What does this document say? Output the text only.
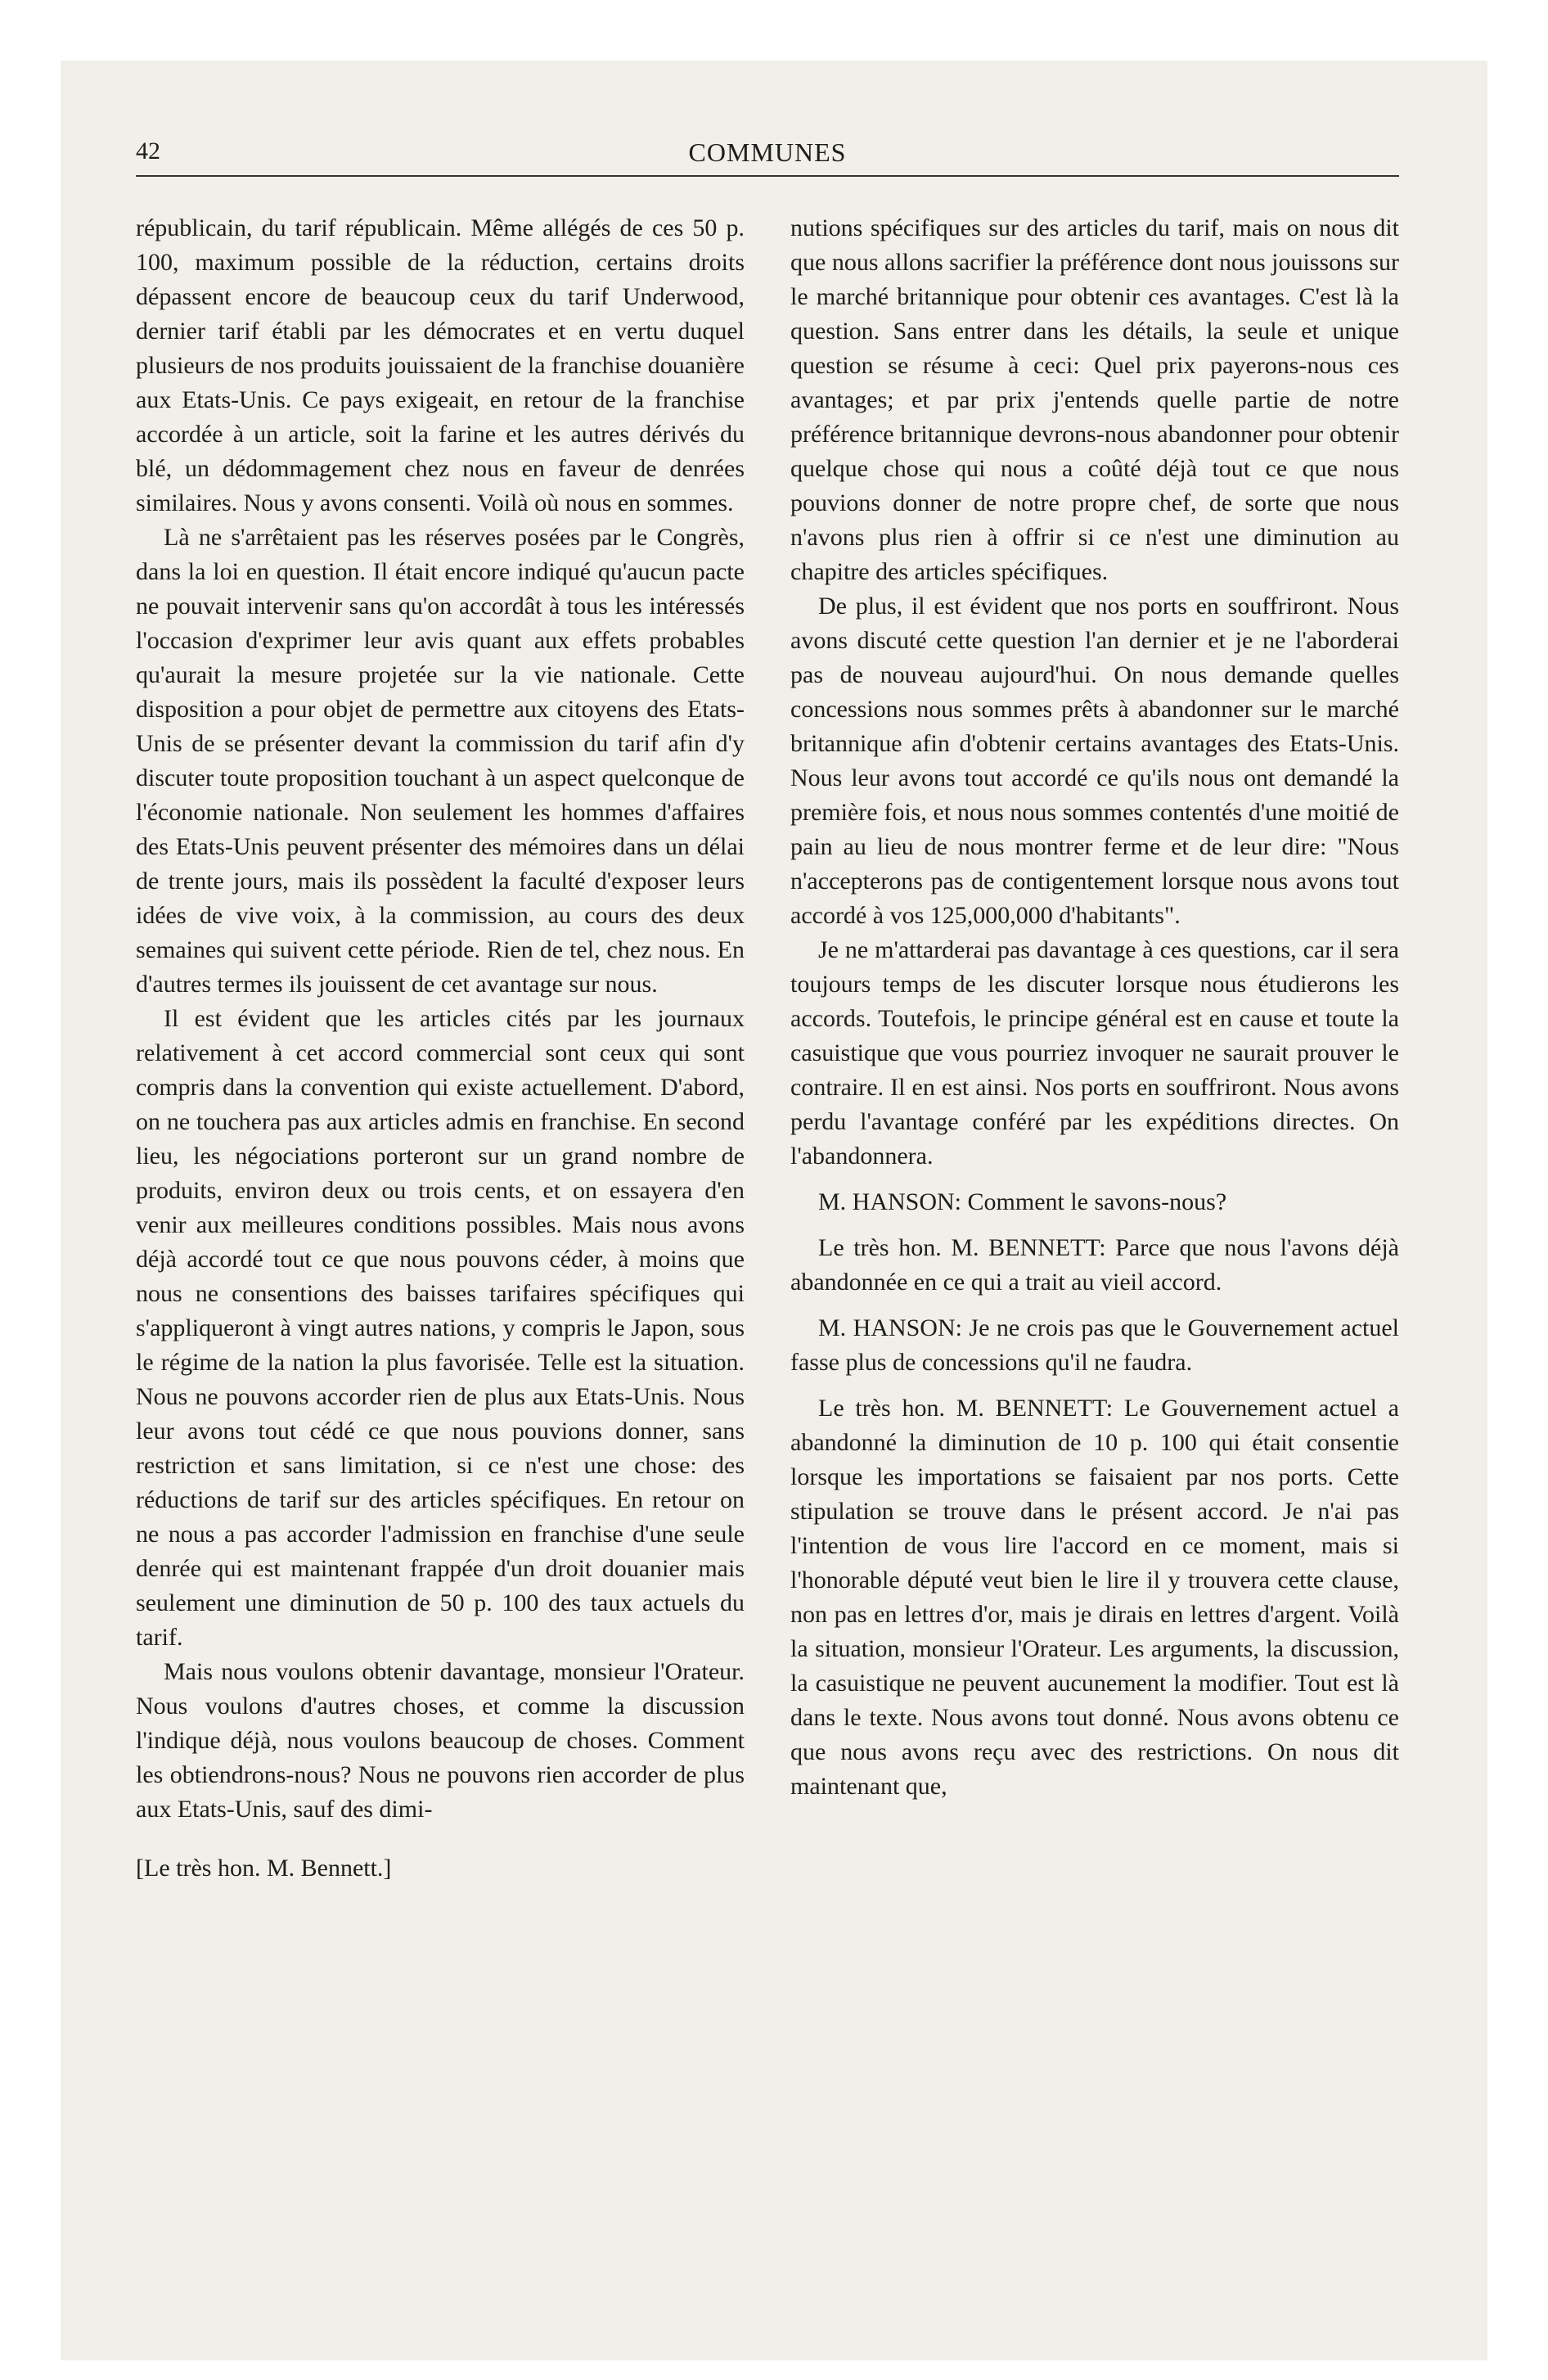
42	COMMUNES

républicain, du tarif républicain. Même allégés de ces 50 p. 100, maximum possible de la réduction, certains droits dépassent encore de beaucoup ceux du tarif Underwood, dernier tarif établi par les démocrates et en vertu duquel plusieurs de nos produits jouissaient de la franchise douanière aux Etats-Unis. Ce pays exigeait, en retour de la franchise accordée à un article, soit la farine et les autres dérivés du blé, un dédommagement chez nous en faveur de denrées similaires. Nous y avons consenti. Voilà où nous en sommes.

Là ne s'arrêtaient pas les réserves posées par le Congrès, dans la loi en question. Il était encore indiqué qu'aucun pacte ne pouvait intervenir sans qu'on accordât à tous les intéressés l'occasion d'exprimer leur avis quant aux effets probables qu'aurait la mesure projetée sur la vie nationale. Cette disposition a pour objet de permettre aux citoyens des Etats-Unis de se présenter devant la commission du tarif afin d'y discuter toute proposition touchant à un aspect quelconque de l'économie nationale. Non seulement les hommes d'affaires des Etats-Unis peuvent présenter des mémoires dans un délai de trente jours, mais ils possèdent la faculté d'exposer leurs idées de vive voix, à la commission, au cours des deux semaines qui suivent cette période. Rien de tel, chez nous. En d'autres termes ils jouissent de cet avantage sur nous.

Il est évident que les articles cités par les journaux relativement à cet accord commercial sont ceux qui sont compris dans la convention qui existe actuellement. D'abord, on ne touchera pas aux articles admis en franchise. En second lieu, les négociations porteront sur un grand nombre de produits, environ deux ou trois cents, et on essayera d'en venir aux meilleures conditions possibles. Mais nous avons déjà accordé tout ce que nous pouvons céder, à moins que nous ne consentions des baisses tarifaires spécifiques qui s'appliqueront à vingt autres nations, y compris le Japon, sous le régime de la nation la plus favorisée. Telle est la situation. Nous ne pouvons accorder rien de plus aux Etats-Unis. Nous leur avons tout cédé ce que nous pouvions donner, sans restriction et sans limitation, si ce n'est une chose: des réductions de tarif sur des articles spécifiques. En retour on ne nous a pas accorder l'admission en franchise d'une seule denrée qui est maintenant frappée d'un droit douanier mais seulement une diminution de 50 p. 100 des taux actuels du tarif.

Mais nous voulons obtenir davantage, monsieur l'Orateur. Nous voulons d'autres choses, et comme la discussion l'indique déjà, nous voulons beaucoup de choses. Comment les obtiendrons-nous? Nous ne pouvons rien accorder de plus aux Etats-Unis, sauf des dimi-

[Le très hon. M. Bennett.]

nutions spécifiques sur des articles du tarif, mais on nous dit que nous allons sacrifier la préférence dont nous jouissons sur le marché britannique pour obtenir ces avantages. C'est là la question. Sans entrer dans les détails, la seule et unique question se résume à ceci: Quel prix payerons-nous ces avantages; et par prix j'entends quelle partie de notre préférence britannique devrons-nous abandonner pour obtenir quelque chose qui nous a coûté déjà tout ce que nous pouvions donner de notre propre chef, de sorte que nous n'avons plus rien à offrir si ce n'est une diminution au chapitre des articles spécifiques.

De plus, il est évident que nos ports en souffriront. Nous avons discuté cette question l'an dernier et je ne l'aborderai pas de nouveau aujourd'hui. On nous demande quelles concessions nous sommes prêts à abandonner sur le marché britannique afin d'obtenir certains avantages des Etats-Unis. Nous leur avons tout accordé ce qu'ils nous ont demandé la première fois, et nous nous sommes contentés d'une moitié de pain au lieu de nous montrer ferme et de leur dire: "Nous n'accepterons pas de contigentement lorsque nous avons tout accordé à vos 125,000,000 d'habitants".

Je ne m'attarderai pas davantage à ces questions, car il sera toujours temps de les discuter lorsque nous étudierons les accords. Toutefois, le principe général est en cause et toute la casuistique que vous pourriez invoquer ne saurait prouver le contraire. Il en est ainsi. Nos ports en souffriront. Nous avons perdu l'avantage conféré par les expéditions directes. On l'abandonnera.

M. HANSON: Comment le savons-nous?

Le très hon. M. BENNETT: Parce que nous l'avons déjà abandonnée en ce qui a trait au vieil accord.

M. HANSON: Je ne crois pas que le Gouvernement actuel fasse plus de concessions qu'il ne faudra.

Le très hon. M. BENNETT: Le Gouvernement actuel a abandonné la diminution de 10 p. 100 qui était consentie lorsque les importations se faisaient par nos ports. Cette stipulation se trouve dans le présent accord. Je n'ai pas l'intention de vous lire l'accord en ce moment, mais si l'honorable député veut bien le lire il y trouvera cette clause, non pas en lettres d'or, mais je dirais en lettres d'argent. Voilà la situation, monsieur l'Orateur. Les arguments, la discussion, la casuistique ne peuvent aucunement la modifier. Tout est là dans le texte. Nous avons tout donné. Nous avons obtenu ce que nous avons reçu avec des restrictions. On nous dit maintenant que,
